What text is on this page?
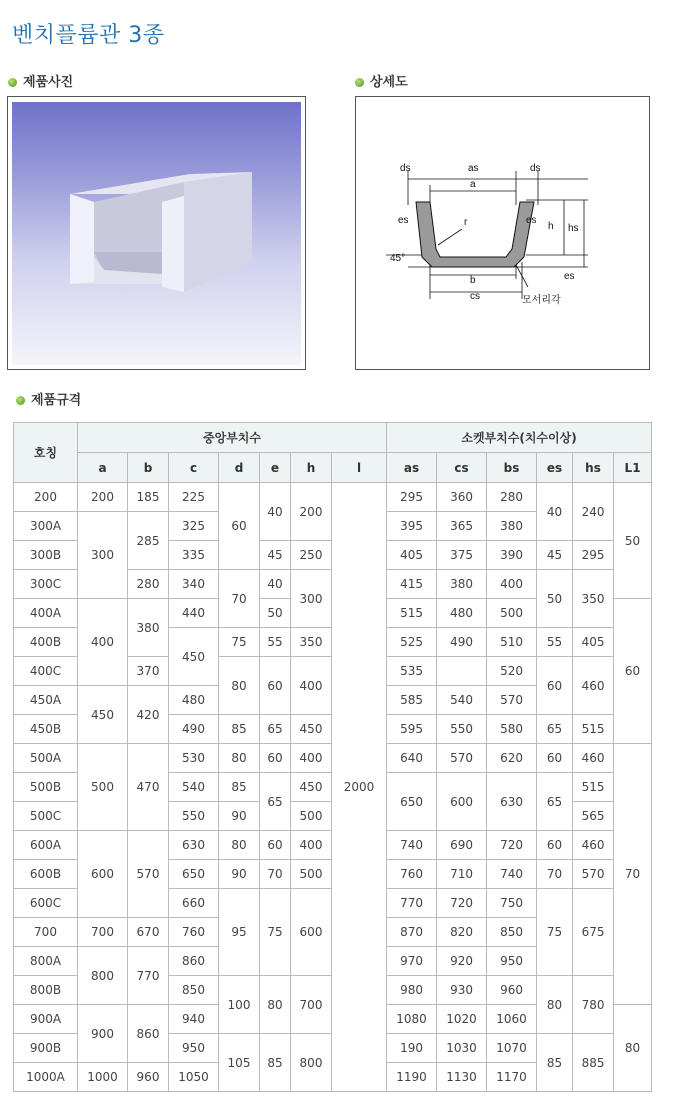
벤치플륨관 3종
제품사진	상세도
제품규격
ds	as	ds
a
es	r	es
h hs
45°
b
cs
es
모서리각
호칭	중앙부치수							소켓부치수(치수이상)					
	a	b	c	d	e	h	l	as	cs	bs	es	hs	L1
200	200	185	225	60	40	200	2000	295	360	280	40	240	50
300A	300	285	325					395	365	380			
300B			335		45	250		405	375	390	45	295	
300C		280	340	70	40	300		415	380	400	50	350	
400A	400	380	440		50			515	480	500			60
400B			450	75	55	350		525	490	510	55	405	
400C		370		80	60	400		535		520	60	460	
450A	450	420	480					585	540	570			
450B			490	85	65	450		595	550	580	65	515	
500A	500	470	530	80	60	400		640	570	620	60	460	70
500B			540	85	65	450		650	600	630	65	515	
500C			550	90		500						565	
600A	600	570	630	80	60	400		740	690	720	60	460	
600B			650	90	70	500		760	710	740	70	570	
600C			660	95	75	600		770	720	750	75	675	
700	700	670	760					870	820	850			
800A	800	770	860					970	920	950			
800B			850	100	80	700		980	930	960	80	780	
900A	900	860	940					1080	1020	1060			80
900B			950	105	85	800		190	1030	1070	85	885	
1000A	1000	960	1050					1190	1130	1170			
